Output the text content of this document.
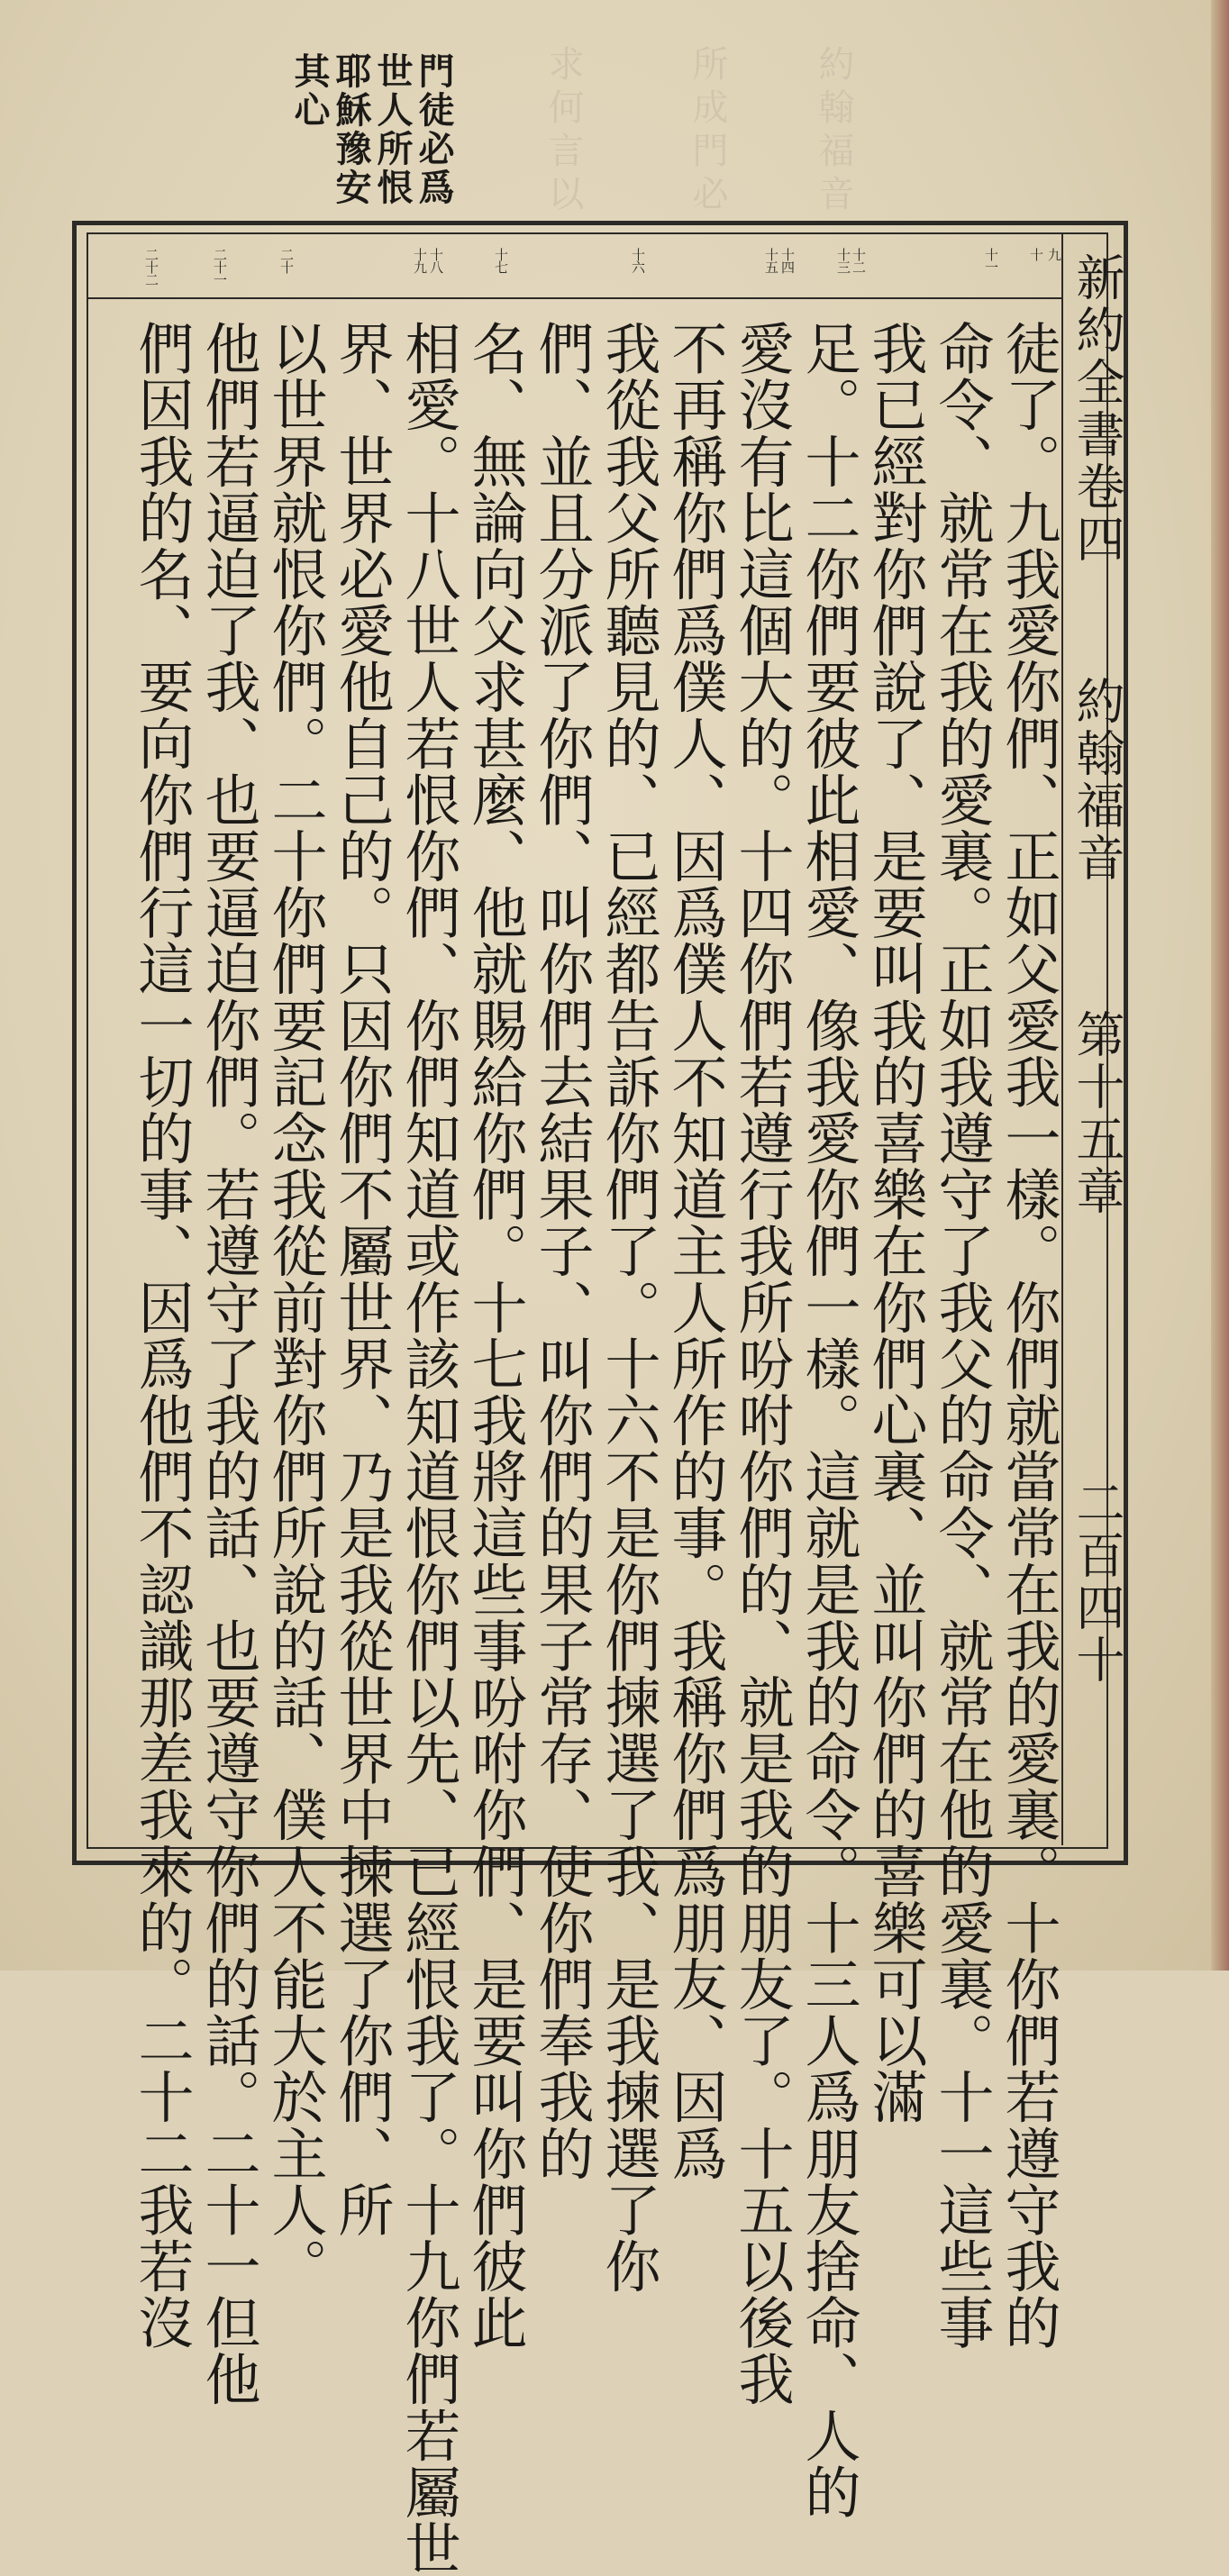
求何言以	所成門必 約翰福音
門徒必爲
世人所恨
耶穌豫安
其心
新約全書卷四
約翰福音
第十五章
二百四十
九
十
十一
十二
十三
十四
十五
十六
十七
十八
十九
二十
二十一
二十二
徒了。九我愛你們、正如父愛我一樣。你們就當常在我的愛裏。十你們若遵守我的
命令、就常在我的愛裏。正如我遵守了我父的命令、就常在他的愛裏。十一這些事
我已經對你們說了、是要叫我的喜樂在你們心裏、並叫你們的喜樂可以滿
足。十二你們要彼此相愛、像我愛你們一樣。這就是我的命令。十三人爲朋友捨命、人的
愛沒有比這個大的。十四你們若遵行我所吩咐你們的、就是我的朋友了。十五以後我
不再稱你們爲僕人、因爲僕人不知道主人所作的事。我稱你們爲朋友、因爲
我從我父所聽見的、已經都告訴你們了。十六不是你們揀選了我、是我揀選了你
們、並且分派了你們、叫你們去結果子、叫你們的果子常存、使你們奉我的
名、無論向父求甚麼、他就賜給你們。十七我將這些事吩咐你們、是要叫你們彼此
相愛。十八世人若恨你們、你們知道或作該知道恨你們以先、已經恨我了。十九你們若屬世
界、世界必愛他自己的。只因你們不屬世界、乃是我從世界中揀選了你們、所
以世界就恨你們。二十你們要記念我從前對你們所說的話、僕人不能大於主人。
他們若逼迫了我、也要逼迫你們。若遵守了我的話、也要遵守你們的話。二十一但他
們因我的名、要向你們行這一切的事、因爲他們不認識那差我來的。二十二我若沒
